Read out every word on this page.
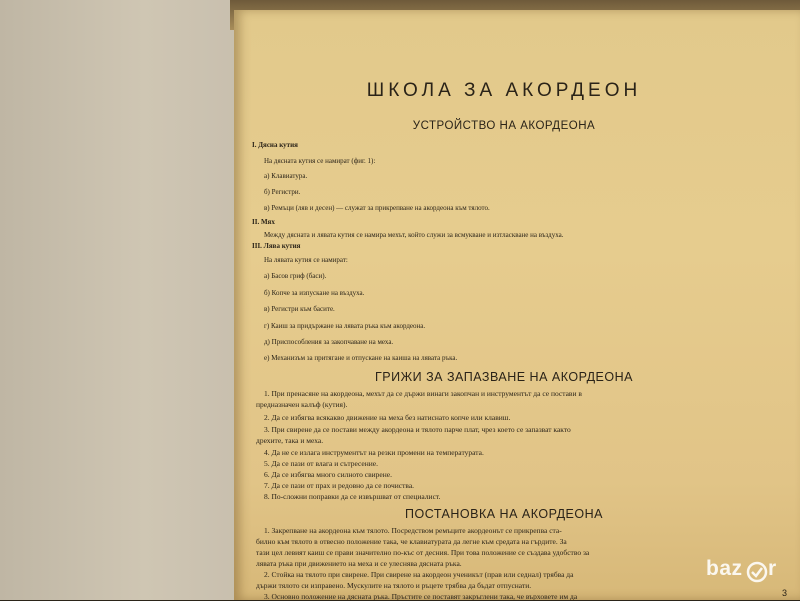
ШКОЛА ЗА АКОРДЕОН
УСТРОЙСТВО НА АКОРДЕОНА
I. Дясна кутия
На дясната кутия се намират (фиг. 1):
а) Клавиатура.
б) Регистри.
в) Ремъци (ляв и десен) — служат за прикрепване на акордеона към тялото.
II. Мях
Между дясната и лявата кутия се намира мехът, който служи за всмукване и изтласкване на въздуха.
III. Лява кутия
На лявата кутия се намират:
а) Басов гриф (баси).
б) Копче за изпускане на въздуха.
в) Регистри към басите.
г) Каиш за придържане на лявата ръка към акордеона.
д) Приспособления за закопчаване на меха.
е) Механизъм за притягане и отпускане на каиша на лявата ръка.
ГРИЖИ ЗА ЗАПАЗВАНЕ НА АКОРДЕОНА
1. При пренасяне на акордеона, мехът да се държи винаги закопчан и инструментът да се постави в
предназначен калъф (кутия).
2. Да се избягва всякакво движение на меха без натиснато копче или клавиш.
3. При свирене да се постави между акордеона и тялото парче плат, чрез което се запазват както
дрехите, така и меха.
4. Да не се излага инструментът на резки промени на температурата.
5. Да се пази от влага и сътресение.
6. Да се избягва много силното свирене.
7. Да се пази от прах и редовно да се почиства.
8. По-сложни поправки да се извършват от специалист.
ПОСТАНОВКА НА АКОРДЕОНА
1. Закрепване на акордеона към тялото. Посредством ремъците акордеонът се прикрепва ста-
билно към тялото в отвесно положение така, че клавиатурата да легне към средата на гърдите. За
тази цел левият каиш се прави значително по-къс от десния. При това положение се създава удобство за
лявата ръка при движението на меха и се улеснява дясната ръка.
2. Стойка на тялото при свирене. При свирене на акордеон ученикът (прав или седнал) трябва да
държи тялото си изправено. Мускулите на тялото и ръцете трябва да бъдат отпуснати.
3. Основно положение на дясната ръка. Пръстите се поставят закръглени така, че върховете им да	3
baz r
